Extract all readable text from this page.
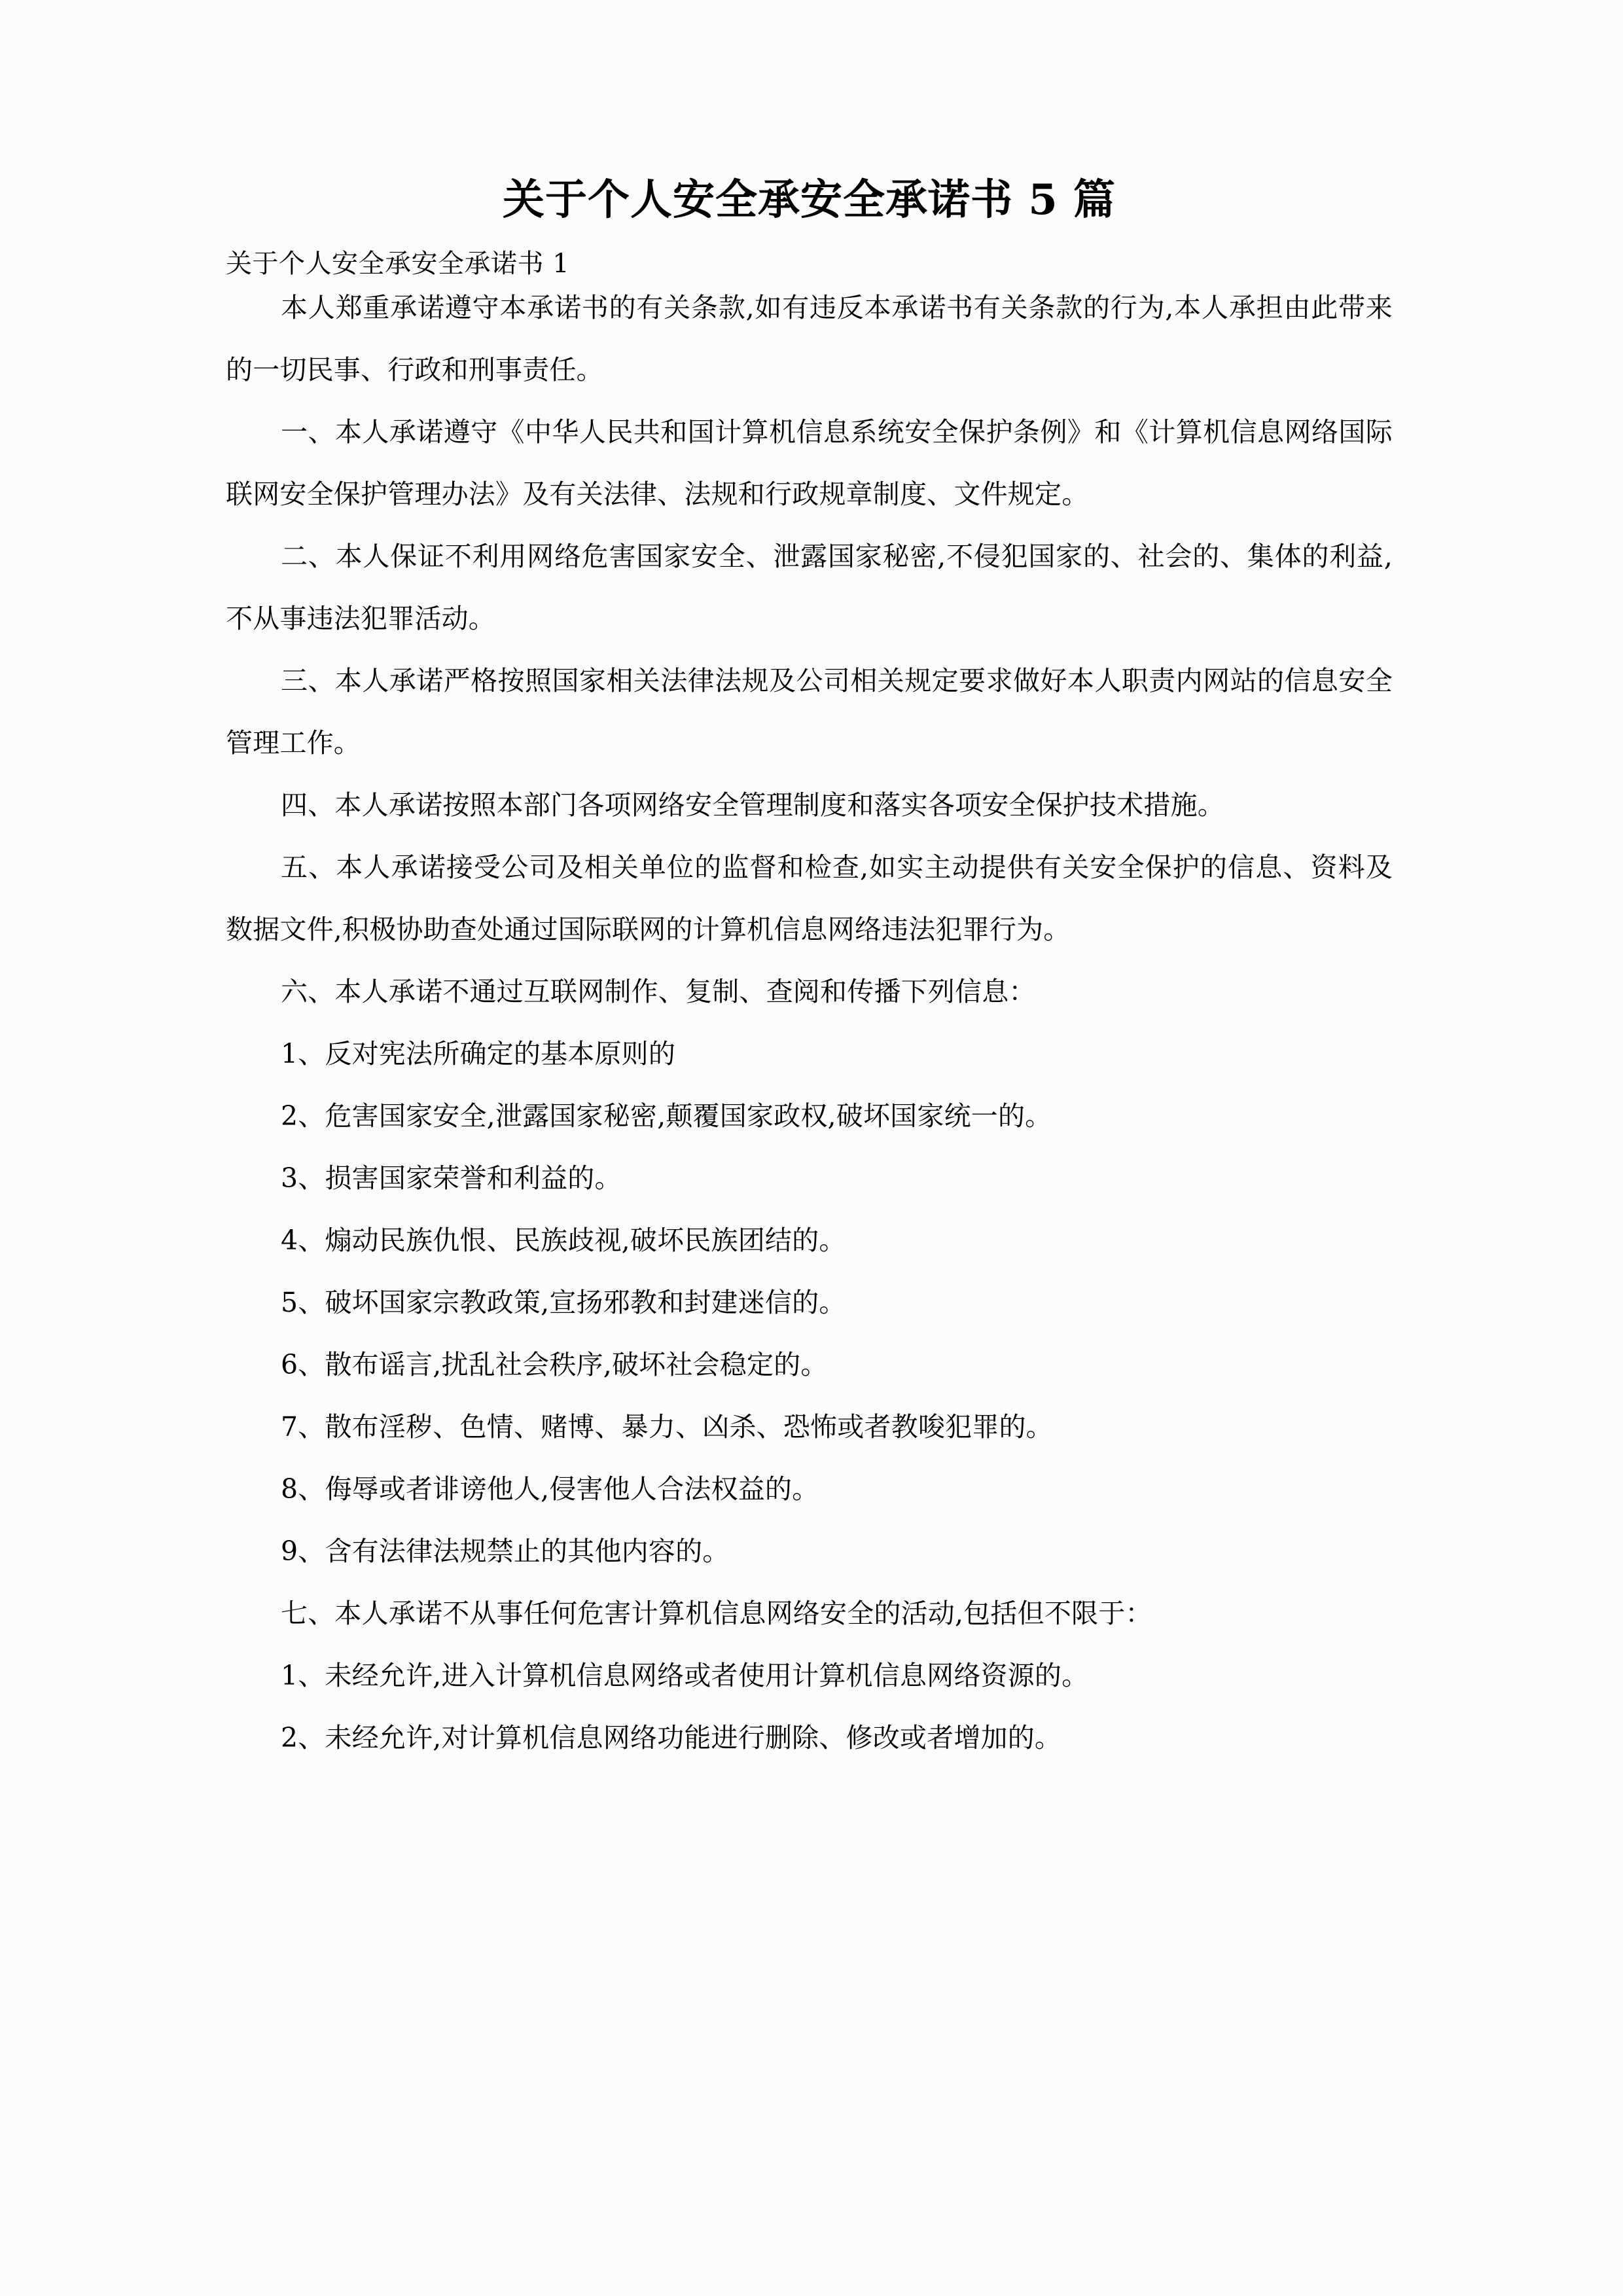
关于个人安全承安全承诺书 5 篇

关于个人安全承安全承诺书 1

本人郑重承诺遵守本承诺书的有关条款,如有违反本承诺书有关条款的行为,本人承担由此带来的一切民事、行政和刑事责任。

一、本人承诺遵守《中华人民共和国计算机信息系统安全保护条例》和《计算机信息网络国际联网安全保护管理办法》及有关法律、法规和行政规章制度、文件规定。

二、本人保证不利用网络危害国家安全、泄露国家秘密,不侵犯国家的、社会的、集体的利益,不从事违法犯罪活动。

三、本人承诺严格按照国家相关法律法规及公司相关规定要求做好本人职责内网站的信息安全管理工作。

四、本人承诺按照本部门各项网络安全管理制度和落实各项安全保护技术措施。

五、本人承诺接受公司及相关单位的监督和检查,如实主动提供有关安全保护的信息、资料及数据文件,积极协助查处通过国际联网的计算机信息网络违法犯罪行为。

六、本人承诺不通过互联网制作、复制、查阅和传播下列信息：

1、反对宪法所确定的基本原则的

2、危害国家安全,泄露国家秘密,颠覆国家政权,破坏国家统一的。

3、损害国家荣誉和利益的。

4、煽动民族仇恨、民族歧视,破坏民族团结的。

5、破坏国家宗教政策,宣扬邪教和封建迷信的。

6、散布谣言,扰乱社会秩序,破坏社会稳定的。

7、散布淫秽、色情、赌博、暴力、凶杀、恐怖或者教唆犯罪的。

8、侮辱或者诽谤他人,侵害他人合法权益的。

9、含有法律法规禁止的其他内容的。

七、本人承诺不从事任何危害计算机信息网络安全的活动,包括但不限于：

1、未经允许,进入计算机信息网络或者使用计算机信息网络资源的。

2、未经允许,对计算机信息网络功能进行删除、修改或者增加的。
